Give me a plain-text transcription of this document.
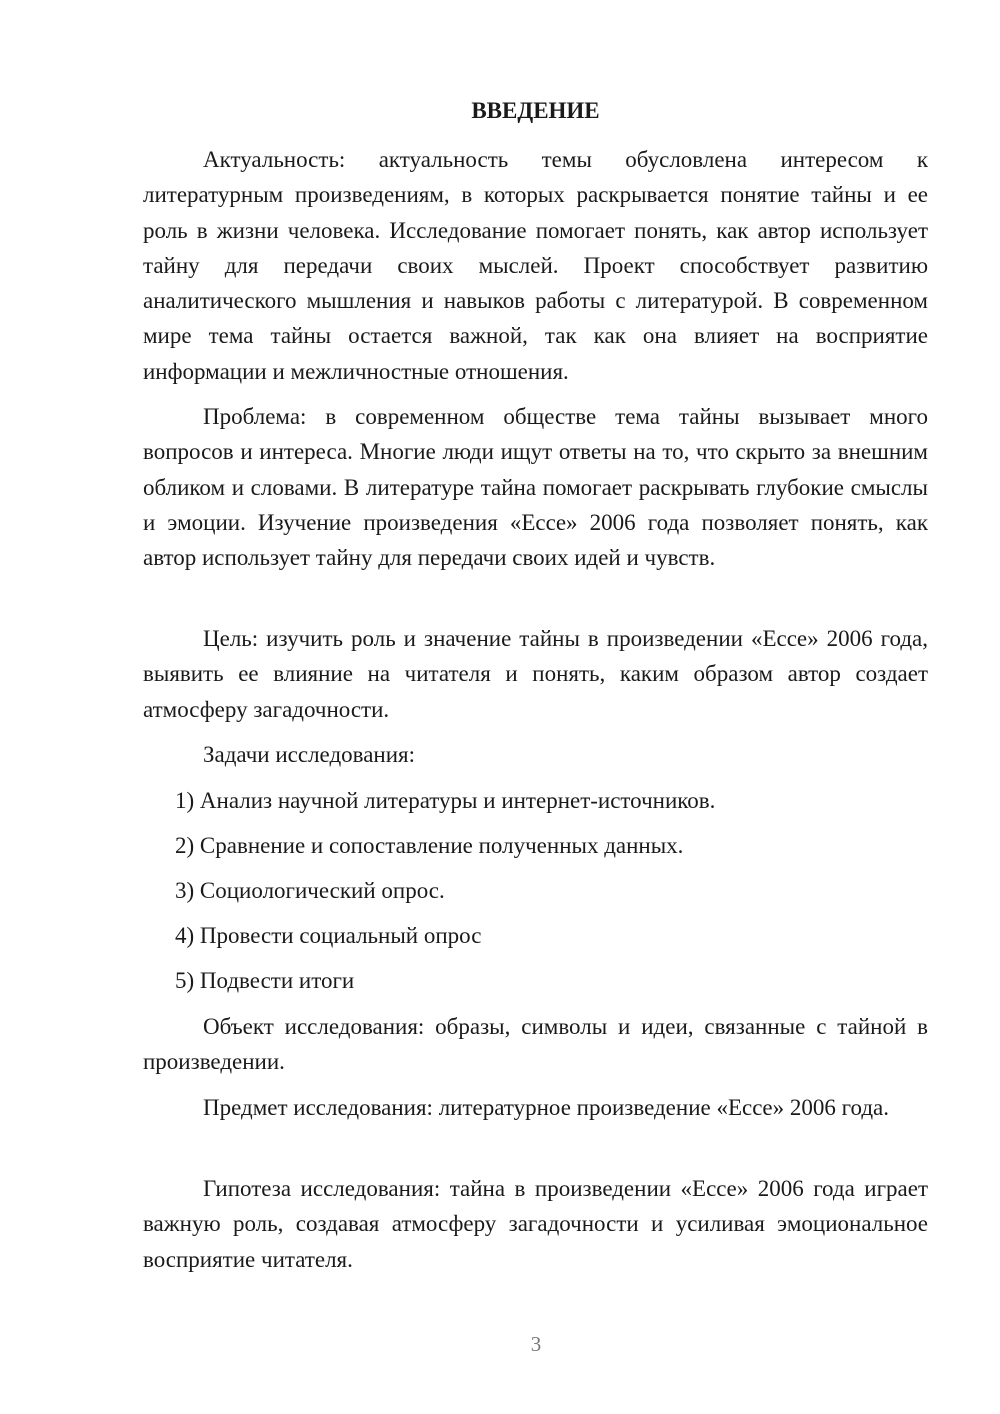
ВВЕДЕНИЕ

Актуальность: актуальность темы обусловлена интересом к литературным произведениям, в которых раскрывается понятие тайны и ее роль в жизни человека. Исследование помогает понять, как автор использует тайну для передачи своих мыслей. Проект способствует развитию аналитического мышления и навыков работы с литературой. В современном мире тема тайны остается важной, так как она влияет на восприятие информации и межличностные отношения.

Проблема: в современном обществе тема тайны вызывает много вопросов и интереса. Многие люди ищут ответы на то, что скрыто за внешним обликом и словами. В литературе тайна помогает раскрывать глубокие смыслы и эмоции. Изучение произведения «Ecce» 2006 года позволяет понять, как автор использует тайну для передачи своих идей и чувств.

Цель: изучить роль и значение тайны в произведении «Ecce» 2006 года, выявить ее влияние на читателя и понять, каким образом автор создает атмосферу загадочности.

Задачи исследования:

1) Анализ научной литературы и интернет-источников.

2) Сравнение и сопоставление полученных данных.

3) Социологический опрос.

4) Провести социальный опрос

5) Подвести итоги

Объект исследования: образы, символы и идеи, связанные с тайной в произведении.

Предмет исследования: литературное произведение «Ecce» 2006 года.

Гипотеза исследования: тайна в произведении «Ecce» 2006 года играет важную роль, создавая атмосферу загадочности и усиливая эмоциональное восприятие читателя.

3
